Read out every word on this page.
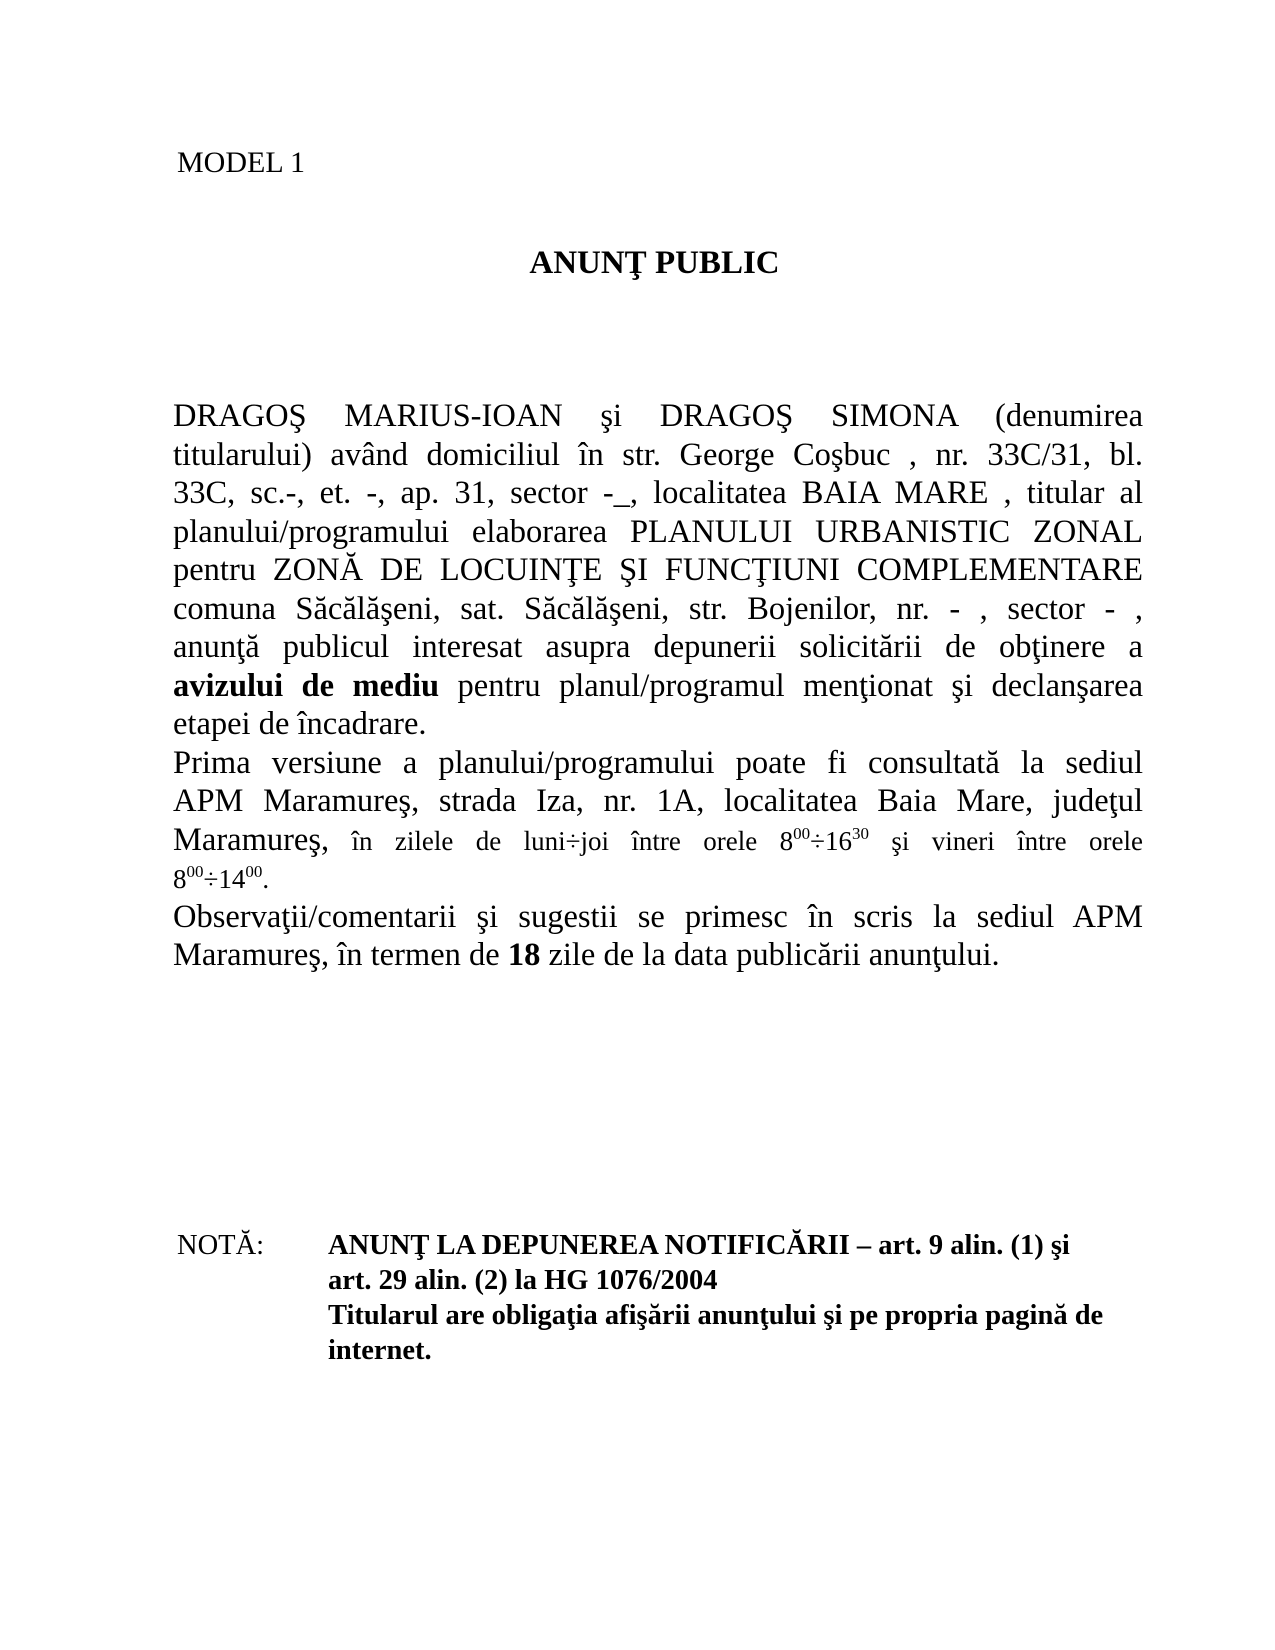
MODEL 1
ANUNŢ PUBLIC
DRAGOŞ MARIUS-IOAN şi DRAGOŞ SIMONA (denumirea
titularului) având domiciliul în str. George Coşbuc , nr. 33C/31, bl.
33C, sc.-, et. -, ap. 31, sector -_, localitatea BAIA MARE , titular al
planului/programului elaborarea PLANULUI URBANISTIC ZONAL
pentru ZONĂ DE LOCUINŢE ŞI FUNCŢIUNI COMPLEMENTARE
comuna Săcălăşeni, sat. Săcălăşeni, str. Bojenilor, nr. - , sector - ,
anunţă publicul interesat asupra depunerii solicitării de obţinere a
avizului de mediu pentru planul/programul menţionat şi declanşarea
etapei de încadrare.
Prima versiune a planului/programului poate fi consultată la sediul
APM Maramureş, strada Iza, nr. 1A, localitatea Baia Mare, judeţul
Maramureş, în zilele de luni÷joi între orele $8^{00}\div 16^{30}$ şi vineri între orele
$8^{00}\div 14^{00}$.
Observaţii/comentarii şi sugestii se primesc în scris la sediul APM
Maramureş, în termen de 18 zile de la data publicării anunţului.
NOTĂ: ANUNŢ LA DEPUNEREA NOTIFICĂRII – art. 9 alin. (1) şi
art. 29 alin. (2) la HG 1076/2004
Titularul are obligaţia afişării anunţului şi pe propria pagină de
internet.
